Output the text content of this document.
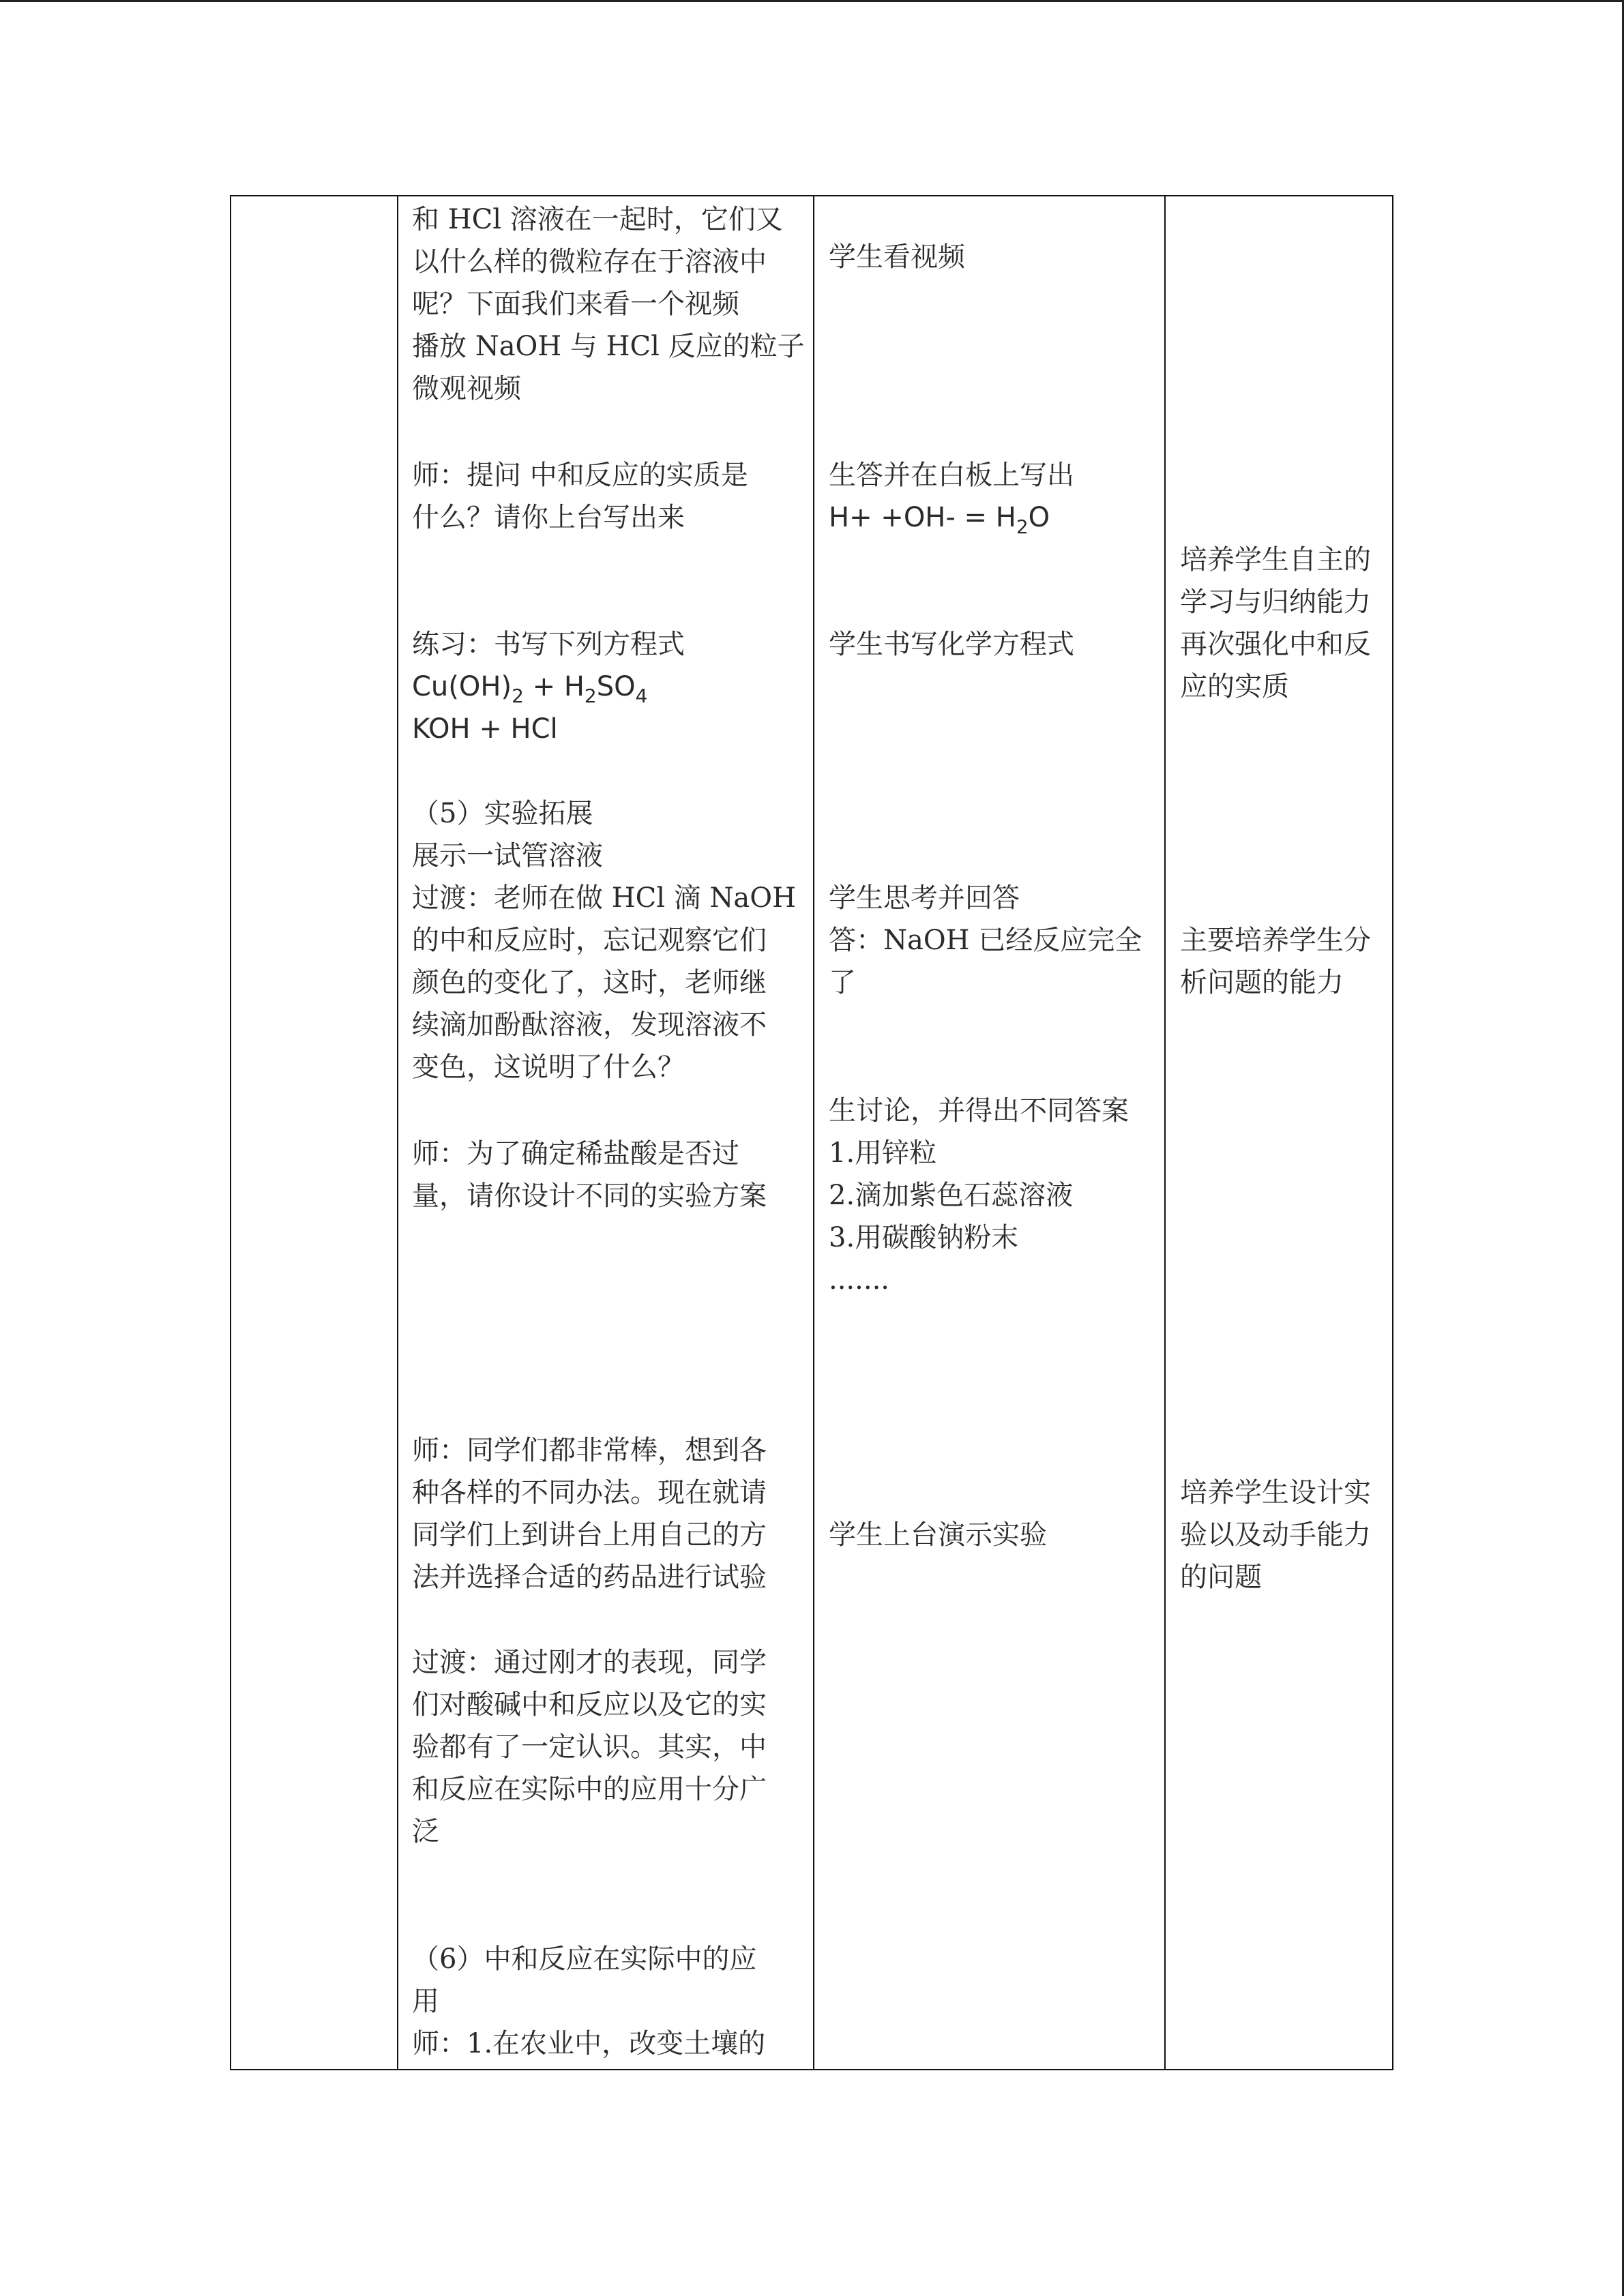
和 HCl 溶液在一起时，它们又
以什么样的微粒存在于溶液中
呢？下面我们来看一个视频
播放 NaOH 与 HCl 反应的粒子
微观视频
师：提问 中和反应的实质是
什么？请你上台写出来
练习：书写下列方程式
$Cu(OH)_2 + H_2SO_4$
KOH + HCl
（5）实验拓展
展示一试管溶液
过渡：老师在做 HCl 滴 NaOH
的中和反应时，忘记观察它们
颜色的变化了，这时，老师继
续滴加酚酞溶液，发现溶液不
变色，这说明了什么？
师：为了确定稀盐酸是否过
量，请你设计不同的实验方案
师：同学们都非常棒，想到各
种各样的不同办法。现在就请
同学们上到讲台上用自己的方
法并选择合适的药品进行试验
过渡：通过刚才的表现，同学
们对酸碱中和反应以及它的实
验都有了一定认识。其实，中
和反应在实际中的应用十分广
泛
（6）中和反应在实际中的应
用
师：1.在农业中，改变土壤的
学生看视频
生答并在白板上写出
$H+ +OH- = H_2O$
学生书写化学方程式
学生思考并回答
答：NaOH 已经反应完全
了
生讨论，并得出不同答案
1.用锌粒
2.滴加紫色石蕊溶液
3.用碳酸钠粉末
.......
学生上台演示实验
培养学生自主的
学习与归纳能力
再次强化中和反
应的实质
主要培养学生分
析问题的能力
培养学生设计实
验以及动手能力
的问题
